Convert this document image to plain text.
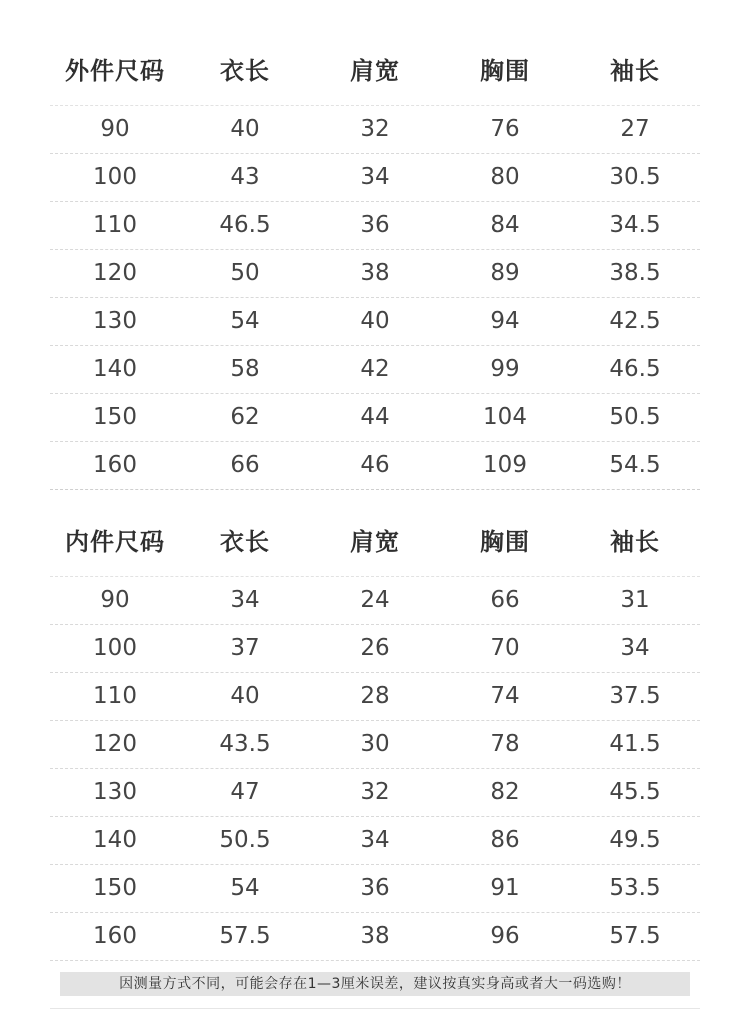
外件尺码	衣长	肩宽	胸围	袖长
90	40	32	76	27
100	43	34	80	30.5
110	46.5	36	84	34.5
120	50	38	89	38.5
130	54	40	94	42.5
140	58	42	99	46.5
150	62	44	104	50.5
160	66	46	109	54.5
内件尺码	衣长	肩宽	胸围	袖长
90	34	24	66	31
100	37	26	70	34
110	40	28	74	37.5
120	43.5	30	78	41.5
130	47	32	82	45.5
140	50.5	34	86	49.5
150	54	36	91	53.5
160	57.5	38	96	57.5
因测量方式不同，可能会存在1—3厘米误差，建议按真实身高或者大一码选购！
